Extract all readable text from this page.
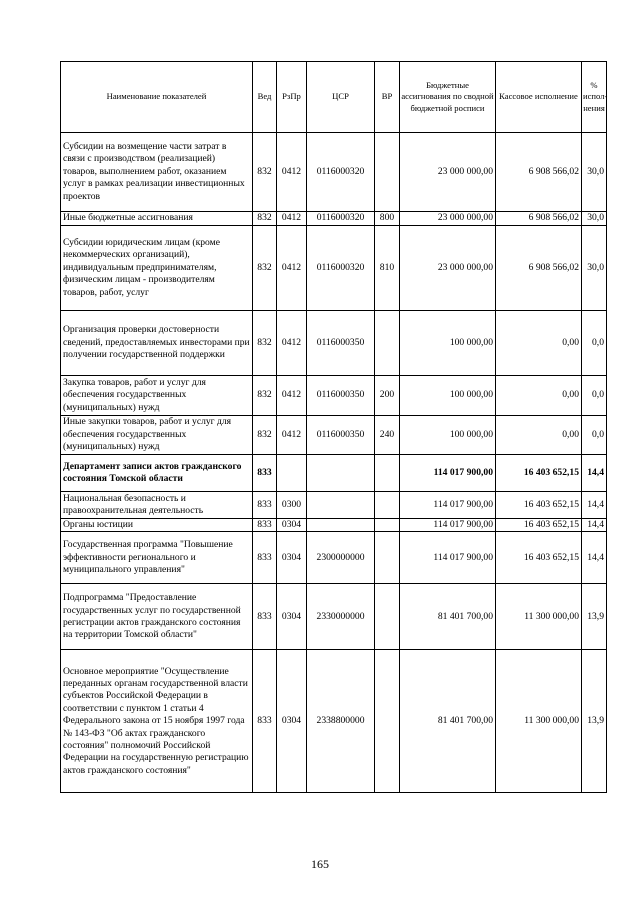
Наименование показателей	Вед	РзПр	ЦСР	ВР	Бюджетные ассигнования по сводной бюджетной росписи	Кассовое исполнение	% испол-нения
Субсидии на возмещение части затрат в связи с производством (реализацией) товаров, выполнением работ, оказанием услуг в рамках реализации инвестиционных проектов	832	0412	0116000320		23 000 000,00	6 908 566,02	30,0
Иные бюджетные ассигнования	832	0412	0116000320	800	23 000 000,00	6 908 566,02	30,0
Субсидии юридическим лицам (кроме некоммерческих организаций), индивидуальным предпринимателям, физическим лицам - производителям товаров, работ, услуг	832	0412	0116000320	810	23 000 000,00	6 908 566,02	30,0
Организация проверки достоверности сведений, предоставляемых инвесторами при получении государственной поддержки	832	0412	0116000350		100 000,00	0,00	0,0
Закупка товаров, работ и услуг для обеспечения государственных (муниципальных) нужд	832	0412	0116000350	200	100 000,00	0,00	0,0
Иные закупки товаров, работ и услуг для обеспечения государственных (муниципальных) нужд	832	0412	0116000350	240	100 000,00	0,00	0,0
Департамент записи актов гражданского состояния Томской области	833				114 017 900,00	16 403 652,15	14,4
Национальная безопасность и правоохранительная деятельность	833	0300			114 017 900,00	16 403 652,15	14,4
Органы юстиции	833	0304			114 017 900,00	16 403 652,15	14,4
Государственная программа "Повышение эффективности регионального и муниципального управления"	833	0304	2300000000		114 017 900,00	16 403 652,15	14,4
Подпрограмма "Предоставление государственных услуг по государственной регистрации актов гражданского состояния на территории Томской области"	833	0304	2330000000		81 401 700,00	11 300 000,00	13,9
Основное мероприятие "Осуществление переданных органам государственной власти субъектов Российской Федерации в соответствии с пунктом 1 статьи 4 Федерального закона от 15 ноября 1997 года № 143-ФЗ "Об актах гражданского состояния" полномочий Российской Федерации на государственную регистрацию актов гражданского состояния"	833	0304	2338800000		81 401 700,00	11 300 000,00	13,9
165
